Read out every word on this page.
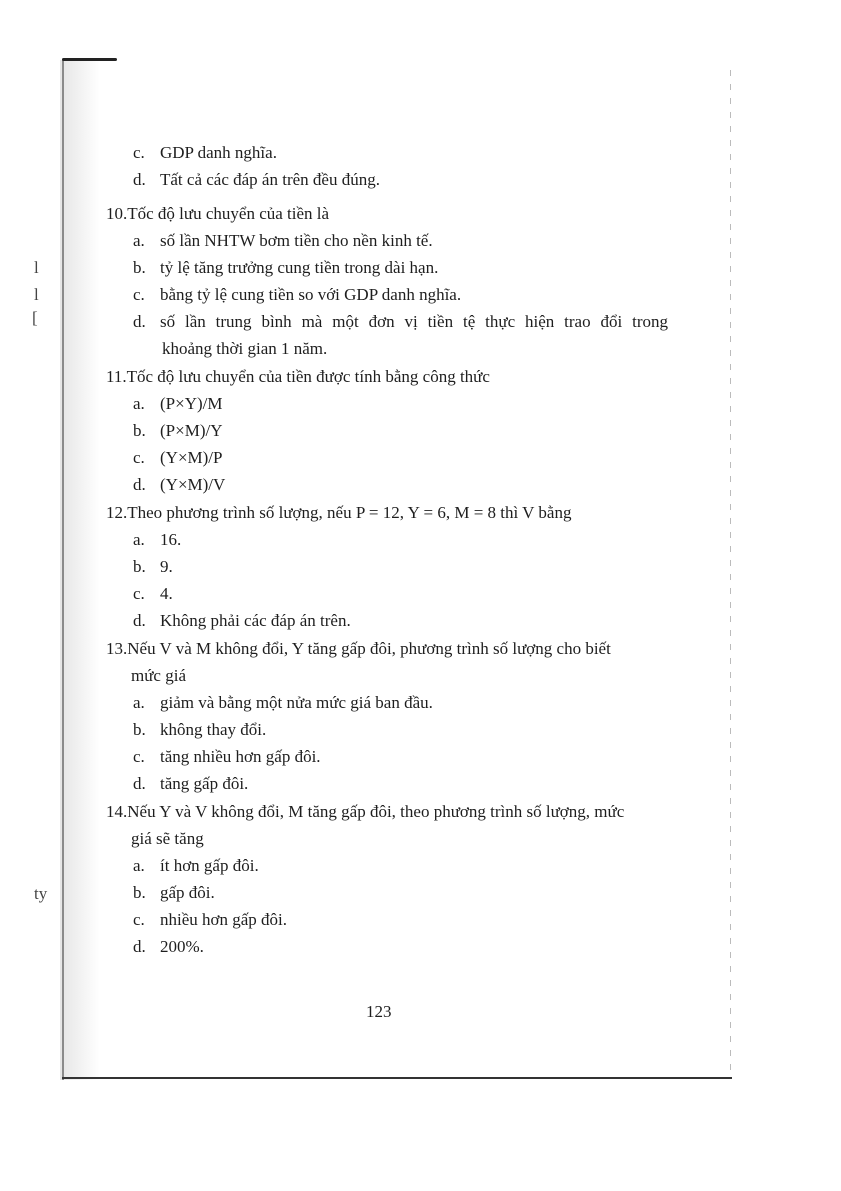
l
l
[
ty
c. GDP danh nghĩa.
d. Tất cả các đáp án trên đều đúng.
10.Tốc độ lưu chuyển của tiền là
a. số lần NHTW bơm tiền cho nền kinh tế.
b. tỷ lệ tăng trưởng cung tiền trong dài hạn.
c. bằng tỷ lệ cung tiền so với GDP danh nghĩa.
d. số lần trung bình mà một đơn vị tiền tệ thực hiện trao đổi trong
khoảng thời gian 1 năm.
11.Tốc độ lưu chuyển của tiền được tính bằng công thức
a. (P×Y)/M
b. (P×M)/Y
c. (Y×M)/P
d. (Y×M)/V
12.Theo phương trình số lượng, nếu P = 12, Y = 6, M = 8 thì V bằng
a. 16.
b. 9.
c. 4.
d. Không phải các đáp án trên.
13.Nếu V và M không đổi, Y tăng gấp đôi, phương trình số lượng cho biết
mức giá
a. giảm và bằng một nửa mức giá ban đầu.
b. không thay đổi.
c. tăng nhiều hơn gấp đôi.
d. tăng gấp đôi.
14.Nếu Y và V không đổi, M tăng gấp đôi, theo phương trình số lượng, mức
giá sẽ tăng
a. ít hơn gấp đôi.
b. gấp đôi.
c. nhiều hơn gấp đôi.
d. 200%.
123
